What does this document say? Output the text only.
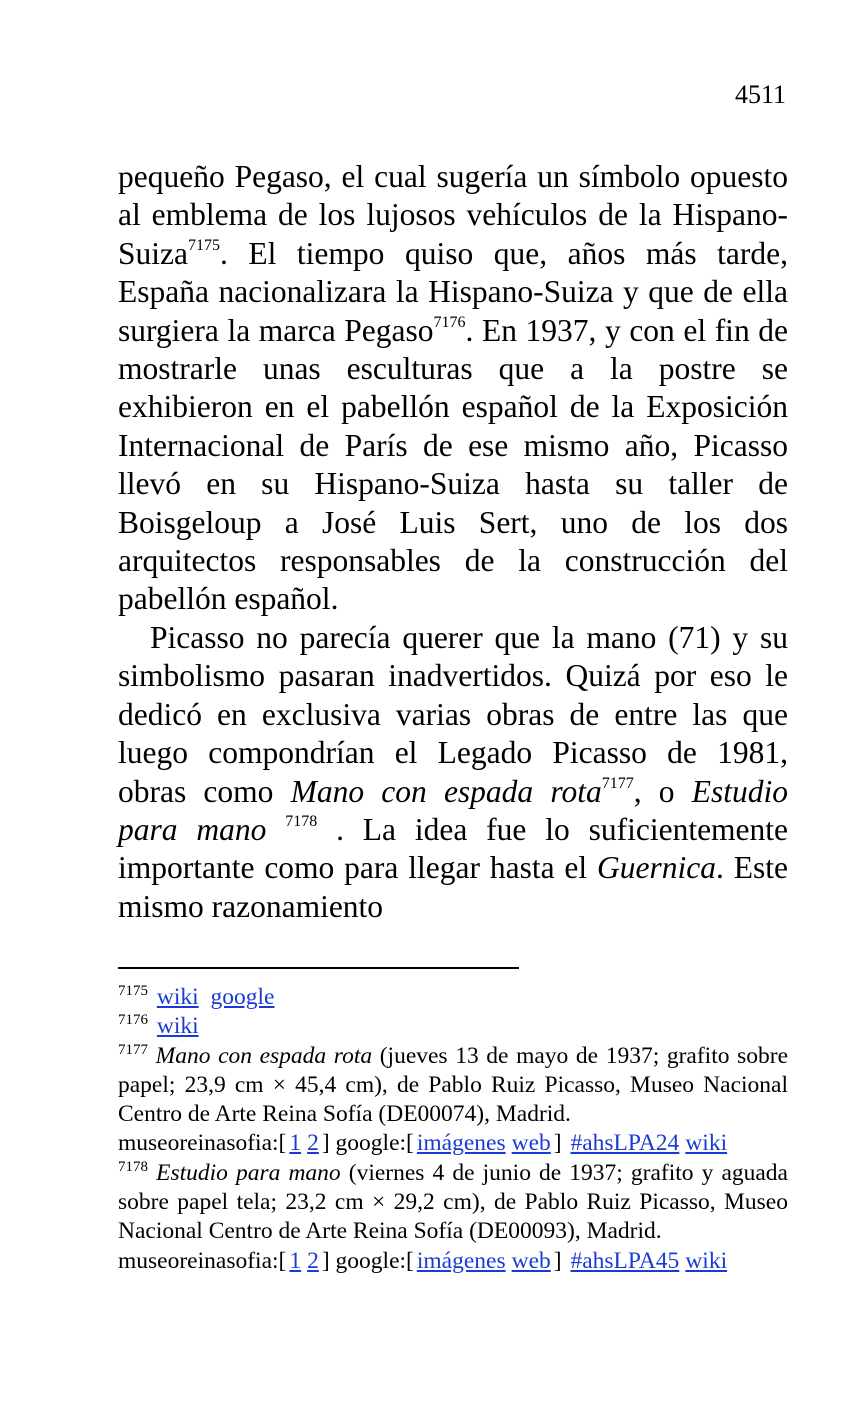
4511

pequeño Pegaso, el cual sugería un símbolo opuesto al emblema de los lujosos vehículos de la Hispano-Suiza$^{7175}$. El tiempo quiso que, años más tarde, España nacionalizara la Hispano-Suiza y que de ella surgiera la marca Pegaso$^{7176}$. En 1937, y con el fin de mostrarle unas esculturas que a la postre se exhibieron en el pabellón español de la Exposición Internacional de París de ese mismo año, Picasso llevó en su Hispano-Suiza hasta su taller de Boisgeloup a José Luis Sert, uno de los dos arquitectos responsables de la construcción del pabellón español.

Picasso no parecía querer que la mano (71) y su simbolismo pasaran inadvertidos. Quizá por eso le dedicó en exclusiva varias obras de entre las que luego compondrían el Legado Picasso de 1981, obras como Mano con espada rota$^{7177}$, o Estudio para mano $^{7178}$ . La idea fue lo suficientemente importante como para llegar hasta el Guernica. Este mismo razonamiento

$^{7175}$ wiki google

$^{7176}$ wiki

$^{7177}$ Mano con espada rota (jueves 13 de mayo de 1937; grafito sobre papel; 23,9 cm × 45,4 cm), de Pablo Ruiz Picasso, Museo Nacional Centro de Arte Reina Sofía (DE00074), Madrid.

museoreinasofia:[ 1 2 ] google:[ imágenes web ] #ahsLPA24 wiki

$^{7178}$ Estudio para mano (viernes 4 de junio de 1937; grafito y aguada sobre papel tela; 23,2 cm × 29,2 cm), de Pablo Ruiz Picasso, Museo Nacional Centro de Arte Reina Sofía (DE00093), Madrid.

museoreinasofia:[ 1 2 ] google:[ imágenes web ] #ahsLPA45 wiki
